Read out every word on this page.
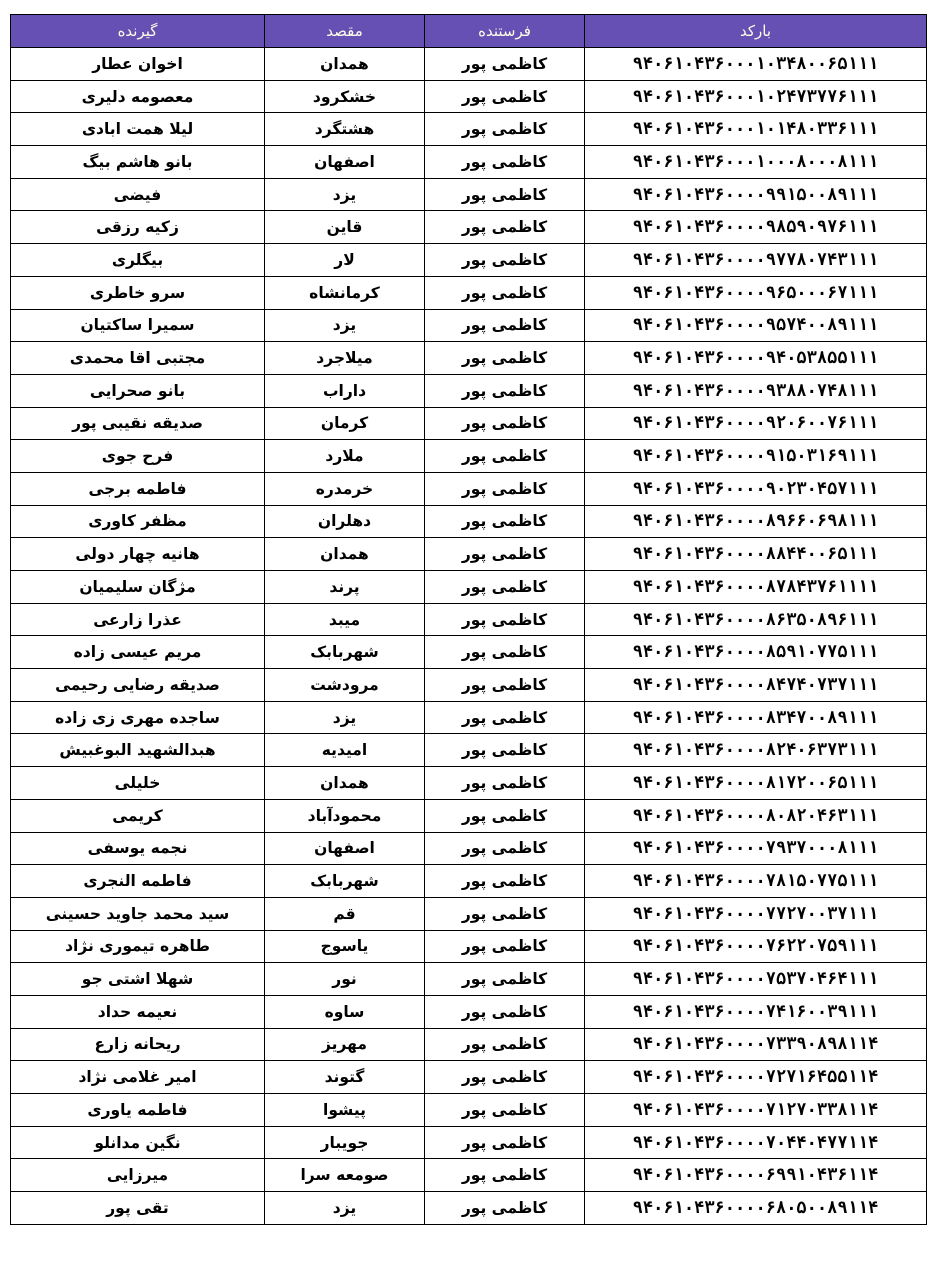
بارکد	فرستنده	مقصد	گیرنده
۹۴۰۶۱۰۴۳۶۰۰۰۱۰۳۴۸۰۰۶۵۱۱۱	کاظمی پور	همدان	اخوان عطار
۹۴۰۶۱۰۴۳۶۰۰۰۱۰۲۴۷۳۷۷۶۱۱۱	کاظمی پور	خشکرود	معصومه دلیری
۹۴۰۶۱۰۴۳۶۰۰۰۱۰۱۴۸۰۳۳۶۱۱۱	کاظمی پور	هشتگرد	لیلا همت ابادی
۹۴۰۶۱۰۴۳۶۰۰۰۱۰۰۰۸۰۰۰۸۱۱۱	کاظمی پور	اصفهان	بانو هاشم بیگ
۹۴۰۶۱۰۴۳۶۰۰۰۰۹۹۱۵۰۰۸۹۱۱۱	کاظمی پور	یزد	فیضی
۹۴۰۶۱۰۴۳۶۰۰۰۰۹۸۵۹۰۹۷۶۱۱۱	کاظمی پور	قاین	زکیه رزقی
۹۴۰۶۱۰۴۳۶۰۰۰۰۹۷۷۸۰۷۴۳۱۱۱	کاظمی پور	لار	بیگلری
۹۴۰۶۱۰۴۳۶۰۰۰۰۹۶۵۰۰۰۶۷۱۱۱	کاظمی پور	کرمانشاه	سرو خاطری
۹۴۰۶۱۰۴۳۶۰۰۰۰۹۵۷۴۰۰۸۹۱۱۱	کاظمی پور	یزد	سمیرا ساکتیان
۹۴۰۶۱۰۴۳۶۰۰۰۰۹۴۰۵۳۸۵۵۱۱۱	کاظمی پور	میلاجرد	مجتبی اقا محمدی
۹۴۰۶۱۰۴۳۶۰۰۰۰۹۳۸۸۰۷۴۸۱۱۱	کاظمی پور	داراب	بانو صحرایی
۹۴۰۶۱۰۴۳۶۰۰۰۰۹۲۰۶۰۰۷۶۱۱۱	کاظمی پور	کرمان	صدیقه نقیبی پور
۹۴۰۶۱۰۴۳۶۰۰۰۰۹۱۵۰۳۱۶۹۱۱۱	کاظمی پور	ملارد	فرح جوی
۹۴۰۶۱۰۴۳۶۰۰۰۰۹۰۲۳۰۴۵۷۱۱۱	کاظمی پور	خرمدره	فاطمه برجی
۹۴۰۶۱۰۴۳۶۰۰۰۰۸۹۶۶۰۶۹۸۱۱۱	کاظمی پور	دهلران	مظفر کاوری
۹۴۰۶۱۰۴۳۶۰۰۰۰۸۸۴۴۰۰۶۵۱۱۱	کاظمی پور	همدان	هانیه چهار دولی
۹۴۰۶۱۰۴۳۶۰۰۰۰۸۷۸۴۳۷۶۱۱۱۱	کاظمی پور	پرند	مژگان سلیمیان
۹۴۰۶۱۰۴۳۶۰۰۰۰۸۶۳۵۰۸۹۶۱۱۱	کاظمی پور	میبد	عذرا زارعی
۹۴۰۶۱۰۴۳۶۰۰۰۰۸۵۹۱۰۷۷۵۱۱۱	کاظمی پور	شهربابک	مریم عیسی زاده
۹۴۰۶۱۰۴۳۶۰۰۰۰۸۴۷۴۰۷۳۷۱۱۱	کاظمی پور	مرودشت	صدیقه رضایی رحیمی
۹۴۰۶۱۰۴۳۶۰۰۰۰۸۳۴۷۰۰۸۹۱۱۱	کاظمی پور	یزد	ساجده مهری زی زاده
۹۴۰۶۱۰۴۳۶۰۰۰۰۸۲۴۰۶۳۷۳۱۱۱	کاظمی پور	امیدیه	هبدالشهید البوغبیش
۹۴۰۶۱۰۴۳۶۰۰۰۰۸۱۷۲۰۰۶۵۱۱۱	کاظمی پور	همدان	خلیلی
۹۴۰۶۱۰۴۳۶۰۰۰۰۸۰۸۲۰۴۶۳۱۱۱	کاظمی پور	محمودآباد	کریمی
۹۴۰۶۱۰۴۳۶۰۰۰۰۷۹۳۷۰۰۰۸۱۱۱	کاظمی پور	اصفهان	نجمه یوسفی
۹۴۰۶۱۰۴۳۶۰۰۰۰۷۸۱۵۰۷۷۵۱۱۱	کاظمی پور	شهربابک	فاطمه النجری
۹۴۰۶۱۰۴۳۶۰۰۰۰۷۷۲۷۰۰۳۷۱۱۱	کاظمی پور	قم	سید محمد جاوید حسینی
۹۴۰۶۱۰۴۳۶۰۰۰۰۷۶۲۲۰۷۵۹۱۱۱	کاظمی پور	یاسوج	طاهره تیموری نژاد
۹۴۰۶۱۰۴۳۶۰۰۰۰۷۵۳۷۰۴۶۴۱۱۱	کاظمی پور	نور	شهلا اشتی جو
۹۴۰۶۱۰۴۳۶۰۰۰۰۷۴۱۶۰۰۳۹۱۱۱	کاظمی پور	ساوه	نعیمه حداد
۹۴۰۶۱۰۴۳۶۰۰۰۰۷۳۳۹۰۸۹۸۱۱۴	کاظمی پور	مهریز	ریحانه زارع
۹۴۰۶۱۰۴۳۶۰۰۰۰۷۲۷۱۶۴۵۵۱۱۴	کاظمی پور	گتوند	امیر غلامی نژاد
۹۴۰۶۱۰۴۳۶۰۰۰۰۷۱۲۷۰۳۳۸۱۱۴	کاظمی پور	پیشوا	فاطمه یاوری
۹۴۰۶۱۰۴۳۶۰۰۰۰۷۰۴۴۰۴۷۷۱۱۴	کاظمی پور	جویبار	نگین مدانلو
۹۴۰۶۱۰۴۳۶۰۰۰۰۶۹۹۱۰۴۳۶۱۱۴	کاظمی پور	صومعه سرا	میرزایی
۹۴۰۶۱۰۴۳۶۰۰۰۰۶۸۰۵۰۰۸۹۱۱۴	کاظمی پور	یزد	تقی پور
